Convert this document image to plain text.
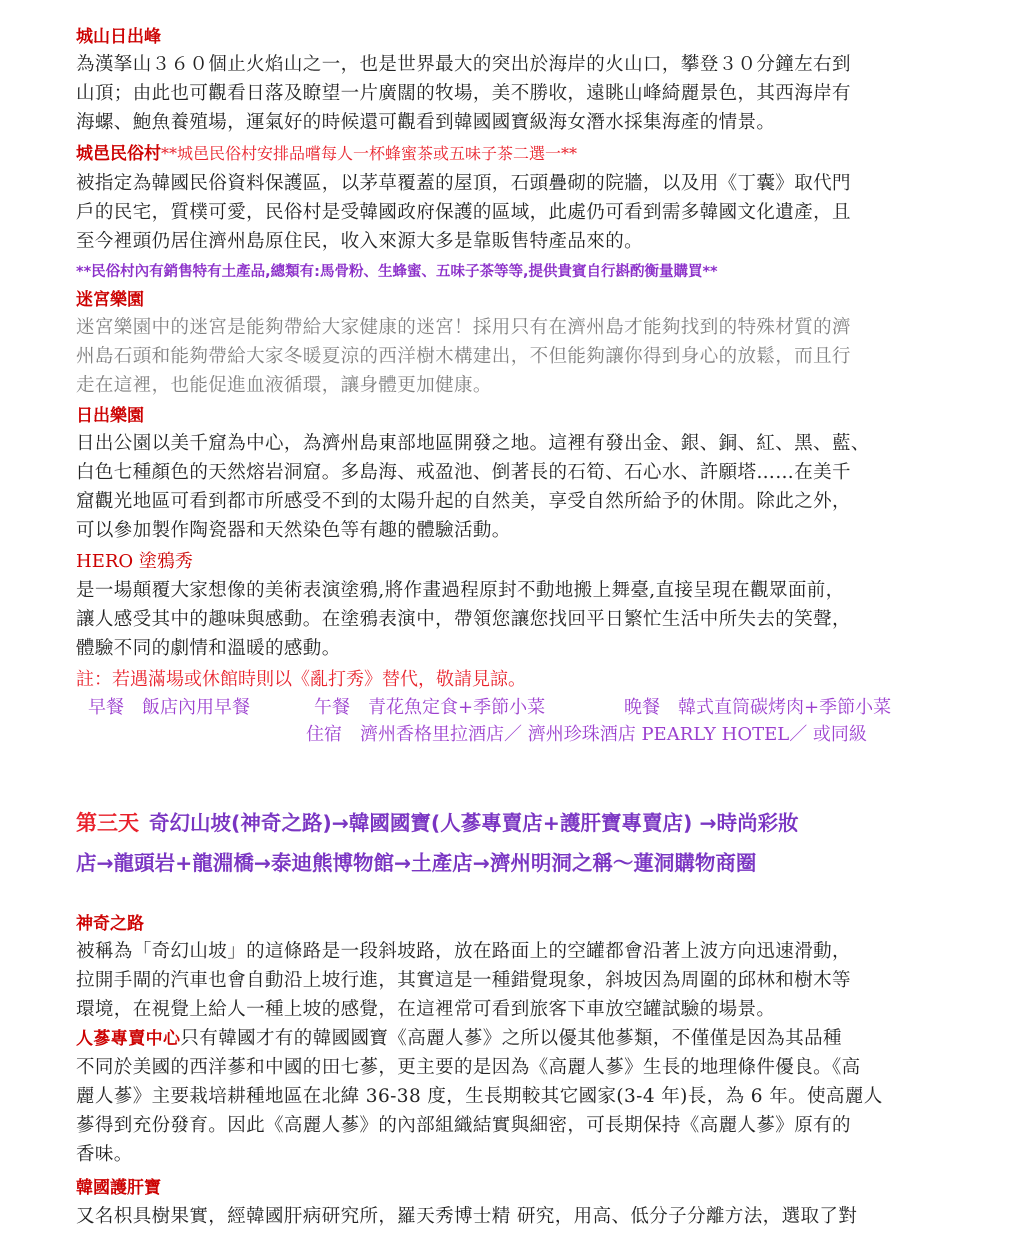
城山日出峰
為漢拏山３６０個止火焰山之一，也是世界最大的突出於海岸的火山口，攀登３０分鐘左右到
山頂；由此也可觀看日落及瞭望一片廣闊的牧場，美不勝收，遠眺山峰綺麗景色，其西海岸有
海螺、鮑魚養殖場，運氣好的時候還可觀看到韓國國寶級海女潛水採集海產的情景。
城邑民俗村**城邑民俗村安排品嚐每人一杯蜂蜜茶或五味子茶二選一**
被指定為韓國民俗資料保護區，以茅草覆蓋的屋頂，石頭疊砌的院牆，以及用《丁囊》取代門
戶的民宅，質樸可愛，民俗村是受韓國政府保護的區域，此處仍可看到需多韓國文化遺產，且
至今裡頭仍居住濟州島原住民，收入來源大多是靠販售特產品來的。
**民俗村內有銷售特有土產品,總類有:馬骨粉、生蜂蜜、五味子茶等等,提供貴賓自行斟酌衡量購買**
迷宮樂園
迷宮樂園中的迷宮是能夠帶給大家健康的迷宮！採用只有在濟州島才能夠找到的特殊材質的濟
州島石頭和能夠帶給大家冬暖夏涼的西洋樹木構建出，不但能夠讓你得到身心的放鬆，而且行
走在這裡，也能促進血液循環，讓身體更加健康。
日出樂園
日出公園以美千窟為中心，為濟州島東部地區開發之地。這裡有發出金、銀、銅、紅、黑、藍、
白色七種顏色的天然熔岩洞窟。多島海、戒盈池、倒著長的石筍、石心水、許願塔……在美千
窟觀光地區可看到都市所感受不到的太陽升起的自然美，享受自然所給予的休閒。除此之外，
可以參加製作陶瓷器和天然染色等有趣的體驗活動。
HERO 塗鴉秀
是一場顛覆大家想像的美術表演塗鴉,將作畫過程原封不動地搬上舞臺,直接呈現在觀眾面前，
讓人感受其中的趣味與感動。在塗鴉表演中，帶領您讓您找回平日繁忙生活中所失去的笑聲，
體驗不同的劇情和溫暖的感動。
註：若遇滿場或休館時則以《亂打秀》替代，敬請見諒。
早餐　飯店內用早餐	午餐　青花魚定食+季節小菜	晚餐　韓式直筒碳烤肉+季節小菜
住宿　濟州香格里拉酒店／ 濟州珍珠酒店 PEARLY HOTEL／ 或同級
第三天 奇幻山坡(神奇之路)→韓國國寶(人蔘專賣店+護肝寶專賣店) →時尚彩妝
店→龍頭岩+龍淵橋→泰迪熊博物館→土產店→濟州明洞之稱～蓮洞購物商圈
神奇之路
被稱為「奇幻山坡」的這條路是一段斜坡路，放在路面上的空罐都會沿著上波方向迅速滑動，
拉開手閘的汽車也會自動沿上坡行進，其實這是一種錯覺現象，斜坡因為周圍的邱林和樹木等
環境，在視覺上給人一種上坡的感覺，在這裡常可看到旅客下車放空罐試驗的場景。
人蔘專賣中心只有韓國才有的韓國國寶《高麗人蔘》之所以優其他蔘類，不僅僅是因為其品種
不同於美國的西洋蔘和中國的田七蔘，更主要的是因為《高麗人蔘》生長的地理條件優良。《高
麗人蔘》主要栽培耕種地區在北緯 36-38 度，生長期較其它國家(3-4 年)長，為 6 年。使高麗人
蔘得到充份發育。因此《高麗人蔘》的內部組織結實與細密，可長期保持《高麗人蔘》原有的
香味。
韓國護肝寶
又名枳具樹果實，經韓國肝病研究所，羅天秀博士精 研究，用高、低分子分離方法，選取了對
